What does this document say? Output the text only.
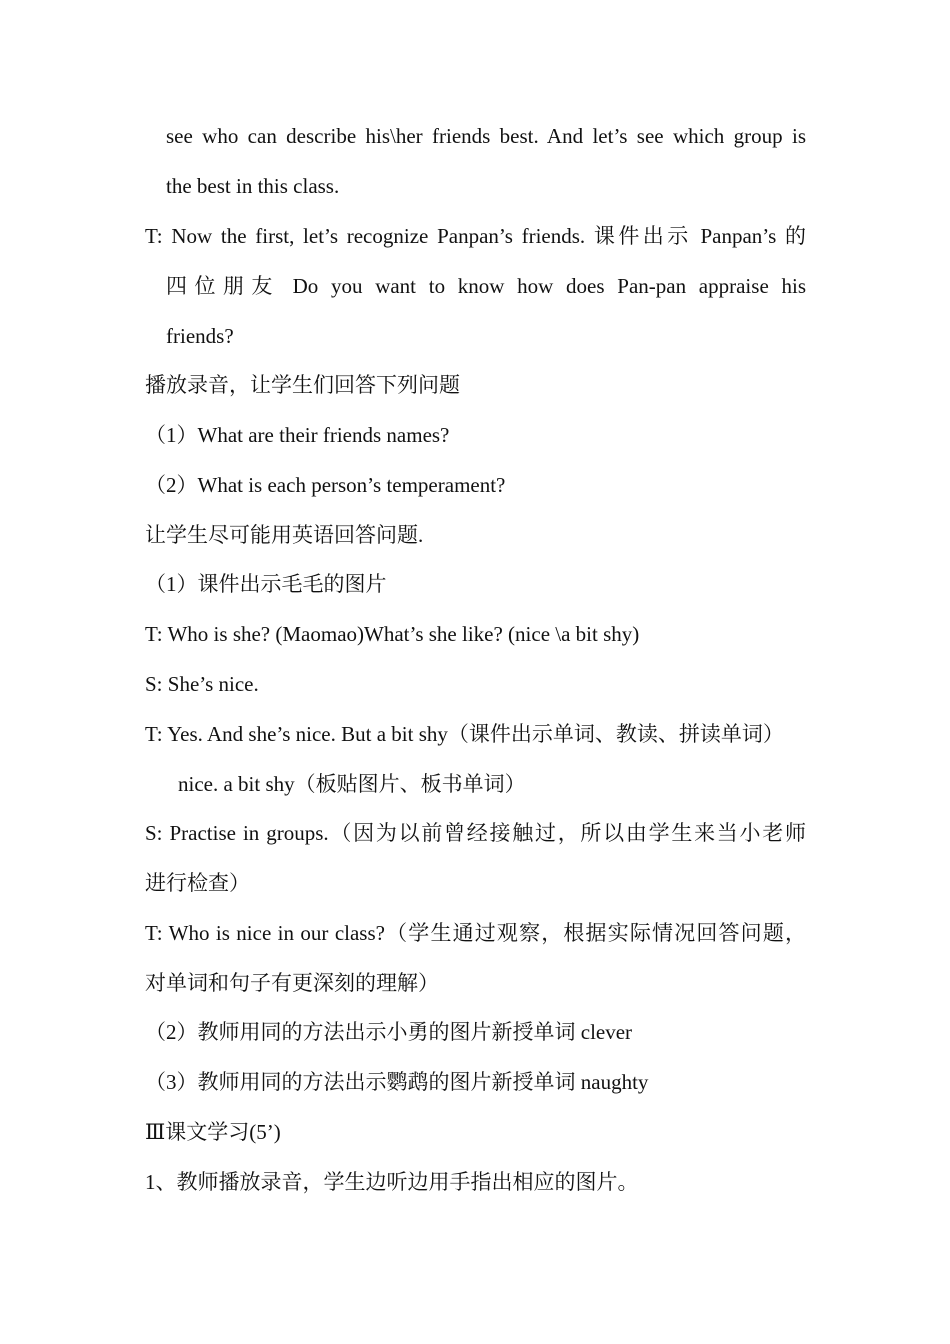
see who can describe his\her friends best. And let’s see which group is
the best in this class.
T: Now the first, let’s recognize Panpan’s friends. 课件出示 Panpan’s 的
四位朋友 Do you want to know how does Pan-pan appraise his
friends?
播放录音，让学生们回答下列问题
（1）What are their friends names?
（2）What is each person’s temperament?
让学生尽可能用英语回答问题.
（1）课件出示毛毛的图片
T: Who is she? (Maomao)What’s she like? (nice \a bit shy)
S: She’s nice.
T: Yes. And she’s nice. But a bit shy（课件出示单词、教读、拼读单词）
nice. a bit shy（板贴图片、板书单词）
S: Practise in groups.（因为以前曾经接触过，所以由学生来当小老师
进行检查）
T: Who is nice in our class?（学生通过观察，根据实际情况回答问题，
对单词和句子有更深刻的理解）
（2）教师用同的方法出示小勇的图片新授单词 clever
（3）教师用同的方法出示鹦鹉的图片新授单词 naughty
Ⅲ课文学习(5’)
1、教师播放录音，学生边听边用手指出相应的图片。
